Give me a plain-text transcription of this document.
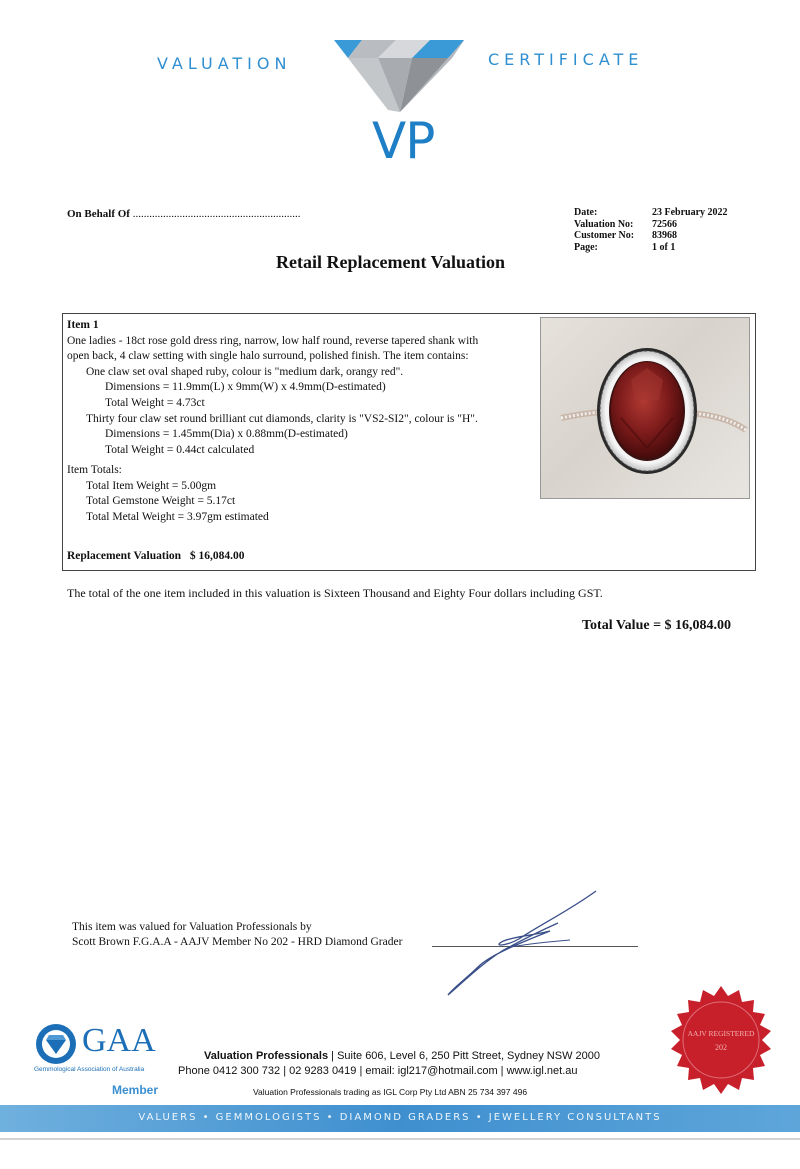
VALUATION	CERTIFICATE
VP
On Behalf Of .............................................................	Date:
Valuation No:
Customer No:
Page:
23 February 2022
72566
83968
1 of 1
Retail Replacement Valuation
Item 1
One ladies - 18ct rose gold dress ring, narrow, low half round, reverse tapered shank with
open back, 4 claw setting with single halo surround, polished finish. The item contains:
One claw set oval shaped ruby, colour is "medium dark, orangy red".
Dimensions = 11.9mm(L) x 9mm(W) x 4.9mm(D-estimated)
Total Weight = 4.73ct
Thirty four claw set round brilliant cut diamonds, clarity is "VS2-SI2", colour is "H".
Dimensions = 1.45mm(Dia) x 0.88mm(D-estimated)
Total Weight = 0.44ct calculated
Item Totals:
Total Item Weight = 5.00gm
Total Gemstone Weight = 5.17ct
Total Metal Weight = 3.97gm estimated
Replacement Valuation $ 16,084.00
The total of the one item included in this valuation is Sixteen Thousand and Eighty Four dollars including GST.
Total Value = $ 16,084.00
This item was valued for Valuation Professionals by
Scott Brown F.G.A.A - AAJV Member No 202 - HRD Diamond Grader
GAA
Gemmological Association of Australia
Member
Valuation Professionals | Suite 606, Level 6, 250 Pitt Street, Sydney NSW 2000
Phone 0412 300 732 | 02 9283 0419 | email: igl217@hotmail.com | www.igl.net.au
Valuation Professionals trading as IGL Corp Pty Ltd ABN 25 734 397 496
AAJV REGISTERED
202
VALUERS • GEMMOLOGISTS • DIAMOND GRADERS • JEWELLERY CONSULTANTS
